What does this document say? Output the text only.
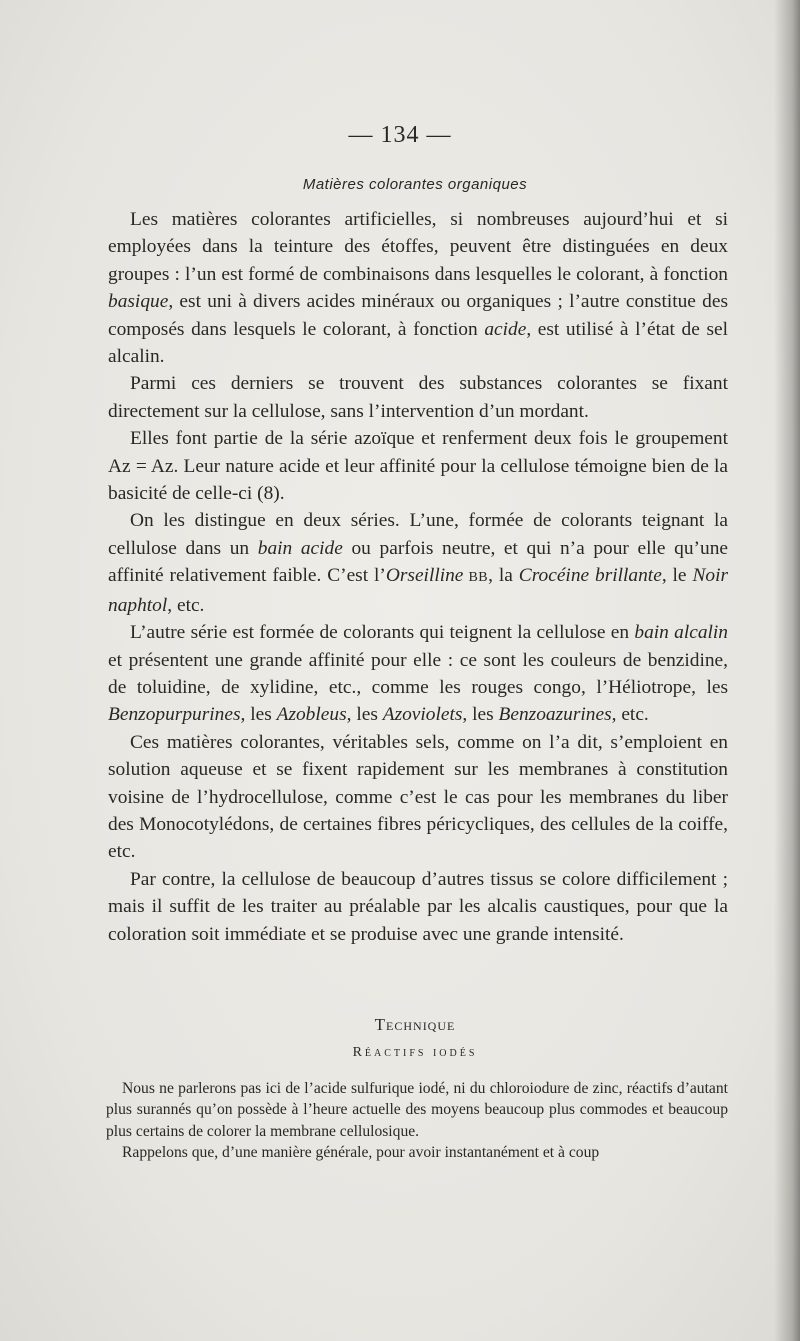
— 134 —
Matières colorantes organiques

Les matières colorantes artificielles, si nombreuses aujourd’hui et si employées dans la teinture des étoffes, peuvent être distinguées en deux groupes : l’un est formé de combinaisons dans lesquelles le colorant, à fonction basique, est uni à divers acides minéraux ou organiques ; l’autre constitue des composés dans lesquels le colorant, à fonction acide, est utilisé à l’état de sel alcalin.

Parmi ces derniers se trouvent des substances colorantes se fixant directement sur la cellulose, sans l’intervention d’un mordant.

Elles font partie de la série azoïque et renferment deux fois le groupement Az = Az. Leur nature acide et leur affinité pour la cellulose témoigne bien de la basicité de celle-ci (8).

On les distingue en deux séries. L’une, formée de colorants teignant la cellulose dans un bain acide ou parfois neutre, et qui n’a pour elle qu’une affinité relativement faible. C’est l’Orseilline BB, la Crocéine brillante, le Noir naphtol, etc.

L’autre série est formée de colorants qui teignent la cellulose en bain alcalin et présentent une grande affinité pour elle : ce sont les couleurs de benzidine, de toluidine, de xylidine, etc., comme les rouges congo, l’Héliotrope, les Benzopurpurines, les Azobleus, les Azoviolets, les Benzoazurines, etc.

Ces matières colorantes, véritables sels, comme on l’a dit, s’emploient en solution aqueuse et se fixent rapidement sur les membranes à constitution voisine de l’hydrocellulose, comme c’est le cas pour les membranes du liber des Monocotylédons, de certaines fibres péricycliques, des cellules de la coiffe, etc.

Par contre, la cellulose de beaucoup d’autres tissus se colore difficilement ; mais il suffit de les traiter au préalable par les alcalis caustiques, pour que la coloration soit immédiate et se produise avec une grande intensité.

Technique
Réactifs iodés

Nous ne parlerons pas ici de l’acide sulfurique iodé, ni du chloroiodure de zinc, réactifs d’autant plus surannés qu’on possède à l’heure actuelle des moyens beaucoup plus commodes et beaucoup plus certains de colorer la membrane cellulosique.

Rappelons que, d’une manière générale, pour avoir instantanément et à coup
